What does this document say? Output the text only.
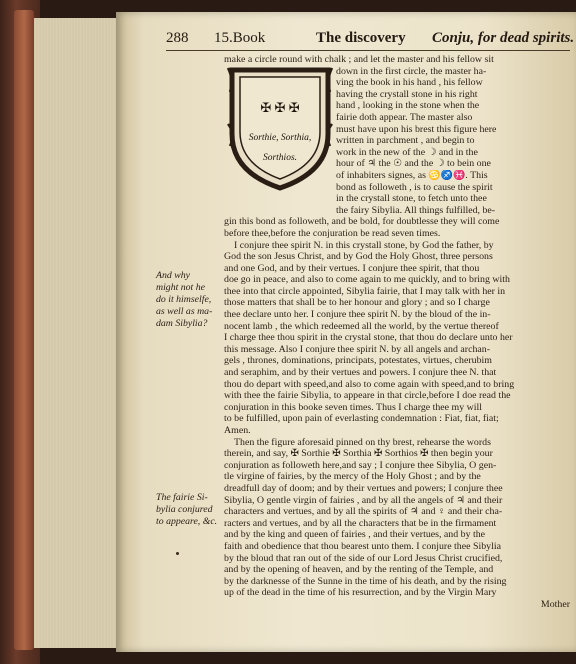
288 15.Book	The discovery Conju, for dead spirits.
✠ ✠ ✠
Sorthie, Sorthia,
Sorthios.
make a circle round with chalk ; and let the master and his fellow sit
down in the first circle, the master ha-
ving the book in his hand , his fellow
having the crystall stone in his right
hand , looking in the stone when the
fairie doth appear. The master also
must have upon his brest this figure here
written in parchment , and begin to
work in the new of the ☽ and in the
hour of ♃ the ☉ and the ☽ to bein one
of inhabiters signes, as ♋♐♓. This
bond as followeth , is to cause the spirit
in the crystall stone, to fetch unto thee
the fairy Sibylia. All things fulfilled, be-
gin this bond as followeth, and be bold, for doubtlesse they will come
before thee,before the conjuration be read seven times.
I conjure thee spirit N. in this crystall stone, by God the father, by
God the son Jesus Christ, and by God the Holy Ghost, three persons
and one God, and by their vertues. I conjure thee spirit, that thou
doe go in peace, and also to come again to me quickly, and to bring with
thee into that circle appointed, Sibylia fairie, that I may talk with her in
those matters that shall be to her honour and glory ; and so I charge
thee declare unto her. I conjure thee spirit N. by the bloud of the in-
nocent lamb , the which redeemed all the world, by the vertue thereof
I charge thee thou spirit in the crystal stone, that thou do declare unto her
this message. Also I conjure thee spirit N. by all angels and archan-
gels , thrones, dominations, principats, potestates, virtues, cherubim
and seraphim, and by their vertues and powers. I conjure thee N. that
thou do depart with speed,and also to come again with speed,and to bring
with thee the fairie Sibylia, to appeare in that circle,before I doe read the
conjuration in this booke seven times. Thus I charge thee my will
to be fulfilled, upon pain of everlasting condemnation : Fiat, fiat, fiat;
Amen.
Then the figure aforesaid pinned on thy brest, rehearse the words
therein, and say, ✠ Sorthie ✠ Sorthia ✠ Sorthios ✠ then begin your
conjuration as followeth here,and say ; I conjure thee Sibylia, O gen-
tle virgine of fairies, by the mercy of the Holy Ghost ; and by the
dreadfull day of doom; and by their vertues and powers; I conjure thee
Sibylia, O gentle virgin of fairies , and by all the angels of ♃ and their
characters and vertues, and by all the spirits of ♃ and ♀ and their cha-
racters and vertues, and by all the characters that be in the firmament
and by the king and queen of fairies , and their vertues, and by the
faith and obedience that thou bearest unto them. I conjure thee Sibylia
by the bloud that ran out of the side of our Lord Jesus Christ crucified,
and by the opening of heaven, and by the renting of the Temple, and
by the darknesse of the Sunne in the time of his death, and by the rising
up of the dead in the time of his resurrection, and by the Virgin Mary
Mother
And why
might not he
do it himselfe,
as well as ma-
dam Sibylia?
The fairie Si-
bylia conjured
to appeare, &c.
